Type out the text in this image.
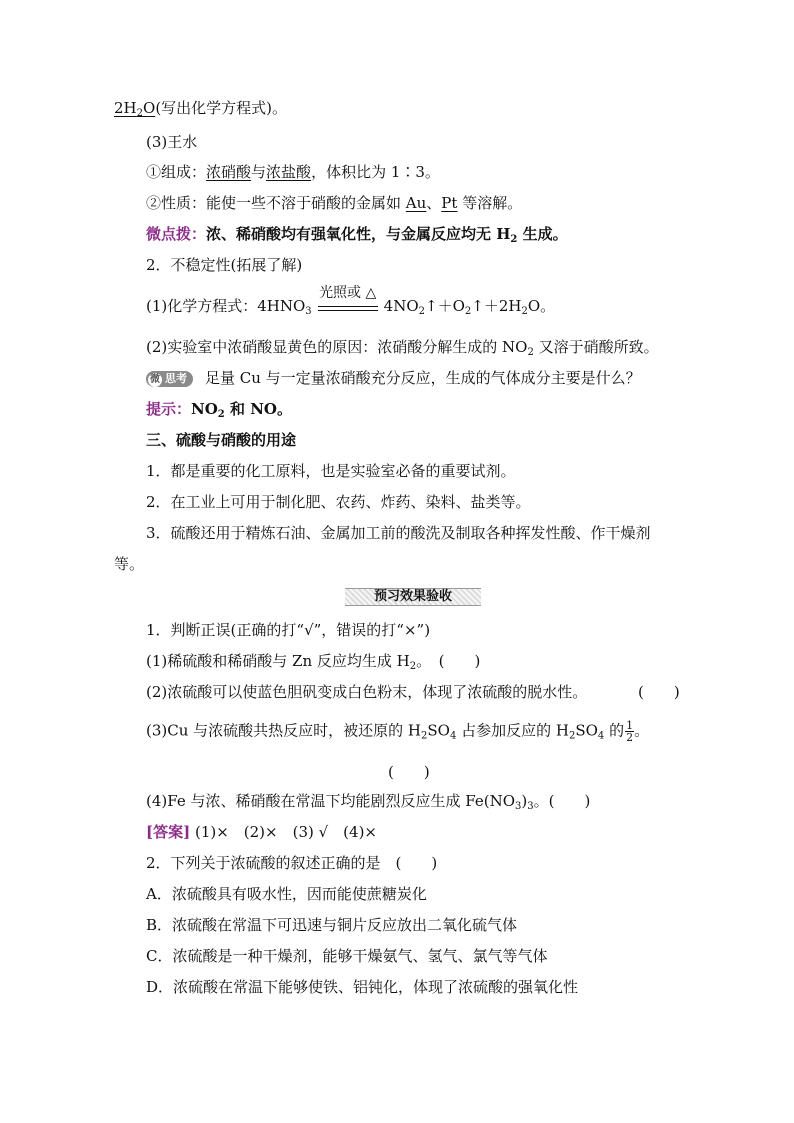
$2H_2O$(写出化学方程式)。
(3)王水
①组成：浓硝酸与浓盐酸，体积比为 1∶3。
②性质：能使一些不溶于硝酸的金属如 Au、Pt 等溶解。
微点拨：浓、稀硝酸均有强氧化性，与金属反应均无 $H_2$ 生成。
2．不稳定性(拓展了解)
(1)化学方程式：$4HNO_3$
光照或 △
$4NO_2↑+O_2↑+2H_2O$。
(2)实验室中浓硝酸显黄色的原因：浓硝酸分解生成的 $NO_2$ 又溶于硝酸所致。
微 思考 足量 Cu 与一定量浓硝酸充分反应，生成的气体成分主要是什么？
提示：$NO_2$ 和 NO。
三、硫酸与硝酸的用途
1．都是重要的化工原料，也是实验室必备的重要试剂。
2．在工业上可用于制化肥、农药、炸药、染料、盐类等。
3．硫酸还用于精炼石油、金属加工前的酸洗及制取各种挥发性酸、作干燥剂
等。
预习效果验收
1．判断正误(正确的打“√”，错误的打“×”)
(1)稀硫酸和稀硝酸与 Zn 反应均生成 $H_2$。　(　　)
(2)浓硫酸可以使蓝色胆矾变成白色粉末，体现了浓硫酸的脱水性。	(　　)
(3)Cu 与浓硫酸共热反应时，被还原的 $H_2SO_4$ 占参加反应的 $H_2SO_4$ 的 $\frac{1}{2}$ 。
(　　)
(4)Fe 与浓、稀硝酸在常温下均能剧烈反应生成 $Fe(NO_3)_3$。(　　)
[答案] (1)×　(2)×　(3) √　(4)×
2．下列关于浓硫酸的叙述正确的是　(　　)
A．浓硫酸具有吸水性，因而能使蔗糖炭化
B．浓硫酸在常温下可迅速与铜片反应放出二氧化硫气体
C．浓硫酸是一种干燥剂，能够干燥氨气、氢气、氯气等气体
D．浓硫酸在常温下能够使铁、铝钝化，体现了浓硫酸的强氧化性
